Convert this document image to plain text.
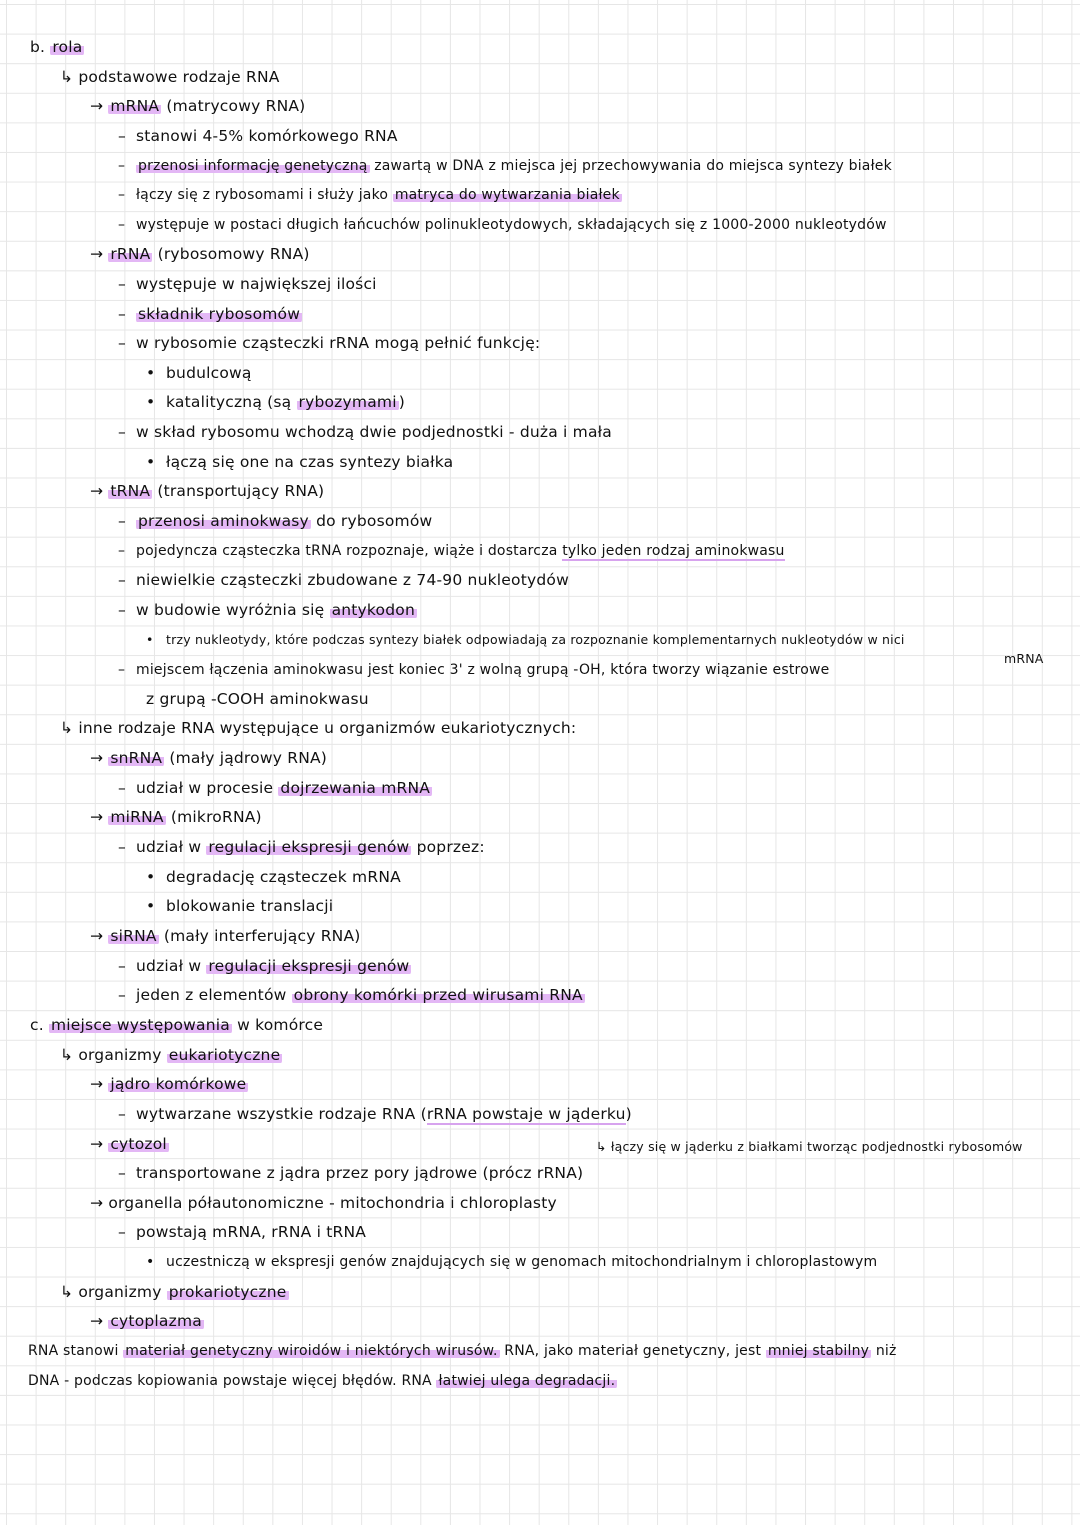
b. rola
↳ podstawowe rodzaje RNA
→ mRNA (matrycowy RNA)
– stanowi 4-5% komórkowego RNA
– przenosi informację genetyczną zawartą w DNA z miejsca jej przechowywania do miejsca syntezy białek
– łączy się z rybosomami i służy jako matryca do wytwarzania białek
– występuje w postaci długich łańcuchów polinukleotydowych, składających się z 1000-2000 nukleotydów
→ rRNA (rybosomowy RNA)
– występuje w największej ilości
– składnik rybosomów
– w rybosomie cząsteczki rRNA mogą pełnić funkcję:
• budulcową
• katalityczną (są rybozymami )
– w skład rybosomu wchodzą dwie podjednostki - duża i mała
• łączą się one na czas syntezy białka
→ tRNA (transportujący RNA)
– przenosi aminokwasy do rybosomów
– pojedyncza cząsteczka tRNA rozpoznaje, wiąże i dostarcza tylko jeden rodzaj aminokwasu
– niewielkie cząsteczki zbudowane z 74-90 nukleotydów
– w budowie wyróżnia się antykodon
• trzy nukleotydy, które podczas syntezy białek odpowiadają za rozpoznanie komplementarnych nukleotydów w nici
mRNA
– miejscem łączenia aminokwasu jest koniec 3' z wolną grupą -OH, która tworzy wiązanie estrowe
z grupą -COOH aminokwasu
↳ inne rodzaje RNA występujące u organizmów eukariotycznych:
→ snRNA (mały jądrowy RNA)
– udział w procesie dojrzewania mRNA
→ miRNA (mikroRNA)
– udział w regulacji ekspresji genów poprzez:
• degradację cząsteczek mRNA
• blokowanie translacji
→ siRNA (mały interferujący RNA)
– udział w regulacji ekspresji genów
– jeden z elementów obrony komórki przed wirusami RNA
c. miejsce występowania w komórce
↳ organizmy eukariotyczne
→ jądro komórkowe
– wytwarzane wszystkie rodzaje RNA (rRNA powstaje w jąderku)
→ cytozol	↳ łączy się w jąderku z białkami tworząc podjednostki rybosomów
– transportowane z jądra przez pory jądrowe (prócz rRNA)
→ organella półautonomiczne - mitochondria i chloroplasty
– powstają mRNA, rRNA i tRNA
• uczestniczą w ekspresji genów znajdujących się w genomach mitochondrialnym i chloroplastowym
↳ organizmy prokariotyczne
→ cytoplazma
RNA stanowi materiał genetyczny wiroidów i niektórych wirusów. RNA, jako materiał genetyczny, jest mniej stabilny niż
DNA - podczas kopiowania powstaje więcej błędów. RNA łatwiej ulega degradacji.
